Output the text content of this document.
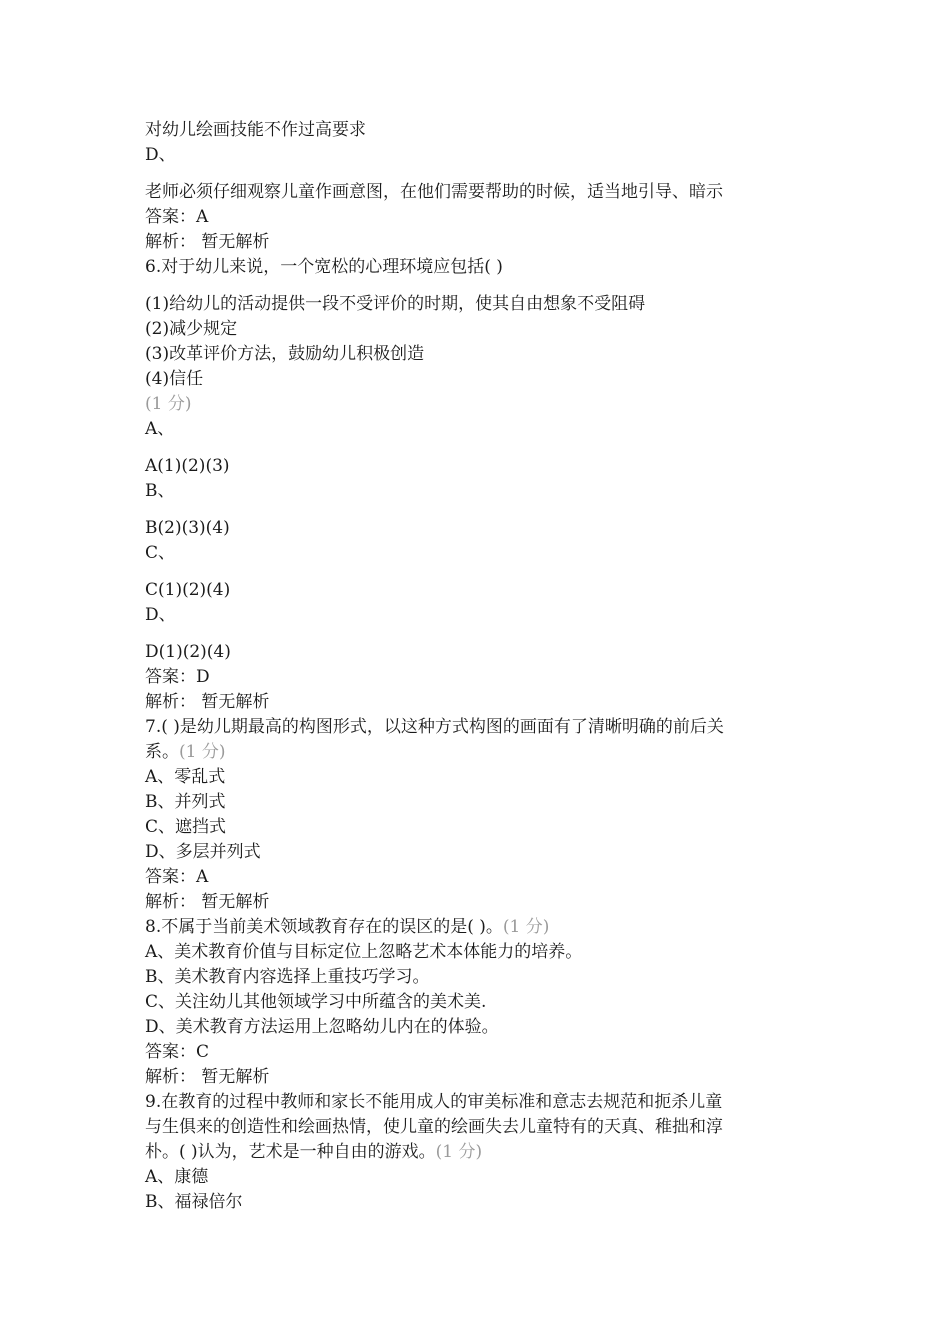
对幼儿绘画技能不作过高要求
D、
老师必须仔细观察儿童作画意图，在他们需要帮助的时候，适当地引导、暗示
答案：A
解析： 暂无解析
6.对于幼儿来说，一个宽松的心理环境应包括( )
(1)给幼儿的活动提供一段不受评价的时期，使其自由想象不受阻碍
(2)减少规定
(3)改革评价方法，鼓励幼儿积极创造
(4)信任
(1 分)
A、
A(1)(2)(3)
B、
B(2)(3)(4)
C、
C(1)(2)(4)
D、
D(1)(2)(4)
答案：D
解析： 暂无解析
7.( )是幼儿期最高的构图形式，以这种方式构图的画面有了清晰明确的前后关
系。(1 分)
A、零乱式
B、并列式
C、遮挡式
D、多层并列式
答案：A
解析： 暂无解析
8.不属于当前美术领域教育存在的误区的是( )。(1 分)
A、美术教育价值与目标定位上忽略艺术本体能力的培养。
B、美术教育内容选择上重技巧学习。
C、关注幼儿其他领域学习中所蕴含的美术美.
D、美术教育方法运用上忽略幼儿内在的体验。
答案：C
解析： 暂无解析
9.在教育的过程中教师和家长不能用成人的审美标准和意志去规范和扼杀儿童
与生俱来的创造性和绘画热情，使儿童的绘画失去儿童特有的天真、稚拙和淳
朴。( )认为，艺术是一种自由的游戏。(1 分)
A、康德
B、福禄倍尔
